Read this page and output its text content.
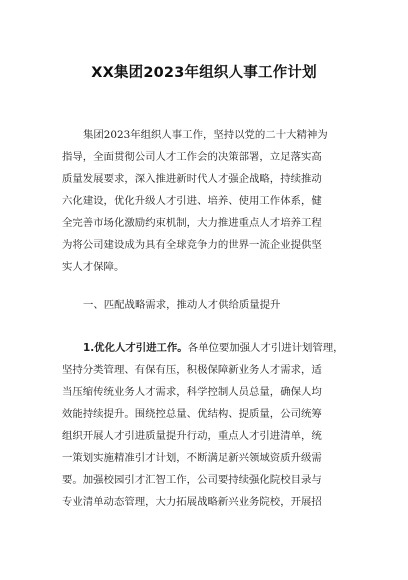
XX集团2023年组织人事工作计划
集团2023年组织人事工作，坚持以党的二十大精神为
指导，全面贯彻公司人才工作会的决策部署，立足落实高
质量发展要求，深入推进新时代人才强企战略，持续推动
六化建设，优化升级人才引进、培养、使用工作体系，健
全完善市场化激励约束机制，大力推进重点人才培养工程
为将公司建设成为具有全球竞争力的世界一流企业提供坚
实人才保障。
一、匹配战略需求，推动人才供给质量提升
1.优化人才引进工作。各单位要加强人才引进计划管理，
坚持分类管理、有保有压，积极保障新业务人才需求，适
当压缩传统业务人才需求，科学控制人员总量，确保人均
效能持续提升。围绕控总量、优结构、提质量，公司统筹
组织开展人才引进质量提升行动，重点人才引进清单，统
一策划实施精准引才计划，不断满足新兴领域资质升级需
要。加强校园引才汇智工作，公司要持续强化院校目录与
专业清单动态管理，大力拓展战略新兴业务院校，开展招
